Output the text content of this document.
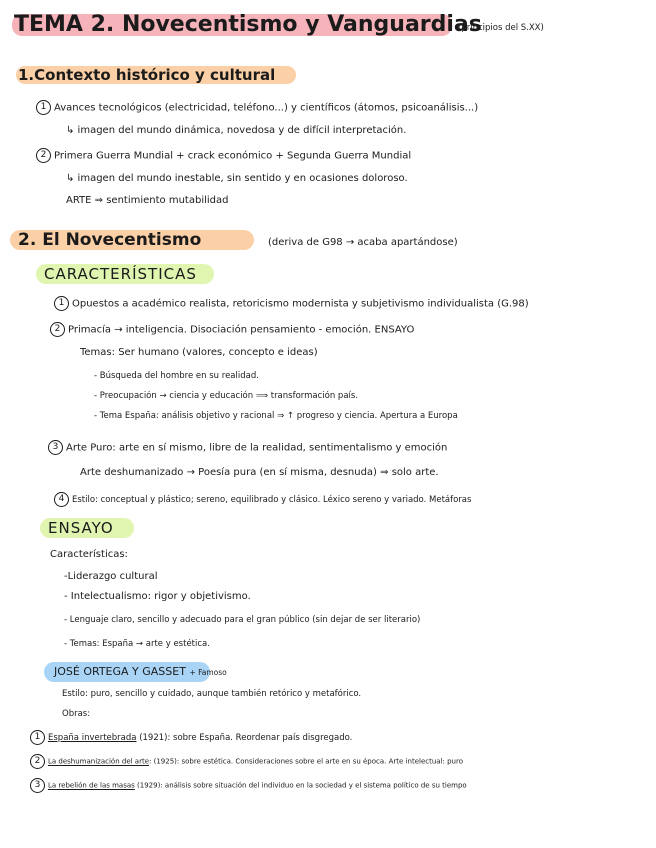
TEMA 2. Novecentismo y Vanguardias
(principios del S.XX)
1.Contexto histórico y cultural
1 Avances tecnológicos (electricidad, teléfono...) y científicos (átomos, psicoanálisis...)
↳ imagen del mundo dinámica, novedosa y de difícil interpretación.
2 Primera Guerra Mundial + crack económico + Segunda Guerra Mundial
↳ imagen del mundo inestable, sin sentido y en ocasiones doloroso.
ARTE ⇒ sentimiento mutabilidad
2. El Novecentismo	(deriva de G98 → acaba apartándose)
CARACTERÍSTICAS
1 Opuestos a académico realista, retoricismo modernista y subjetivismo individualista (G.98)
2 Primacía → inteligencia. Disociación pensamiento - emoción. ENSAYO
Temas: Ser humano (valores, concepto e ideas)
- Búsqueda del hombre en su realidad.
- Preocupación → ciencia y educación ⟹ transformación país.
- Tema España: análisis objetivo y racional ⇒ ↑ progreso y ciencia. Apertura a Europa
3 Arte Puro: arte en sí mismo, libre de la realidad, sentimentalismo y emoción
Arte deshumanizado → Poesía pura (en sí misma, desnuda) ⇒ solo arte.
4 Estilo: conceptual y plástico; sereno, equilibrado y clásico. Léxico sereno y variado. Metáforas
ENSAYO
Características:
-Liderazgo cultural
- Intelectualismo: rigor y objetivismo.
- Lenguaje claro, sencillo y adecuado para el gran público (sin dejar de ser literario)
- Temas: España → arte y estética.
JOSÉ ORTEGA Y GASSET + Famoso
Estilo: puro, sencillo y cuidado, aunque también retórico y metafórico.
Obras:
1 España invertebrada (1921): sobre España. Reordenar país disgregado.
2 La deshumanización del arte: (1925): sobre estética. Consideraciones sobre el arte en su época. Arte intelectual: puro
3 La rebelión de las masas (1929): análisis sobre situación del individuo en la sociedad y el sistema político de su tiempo
